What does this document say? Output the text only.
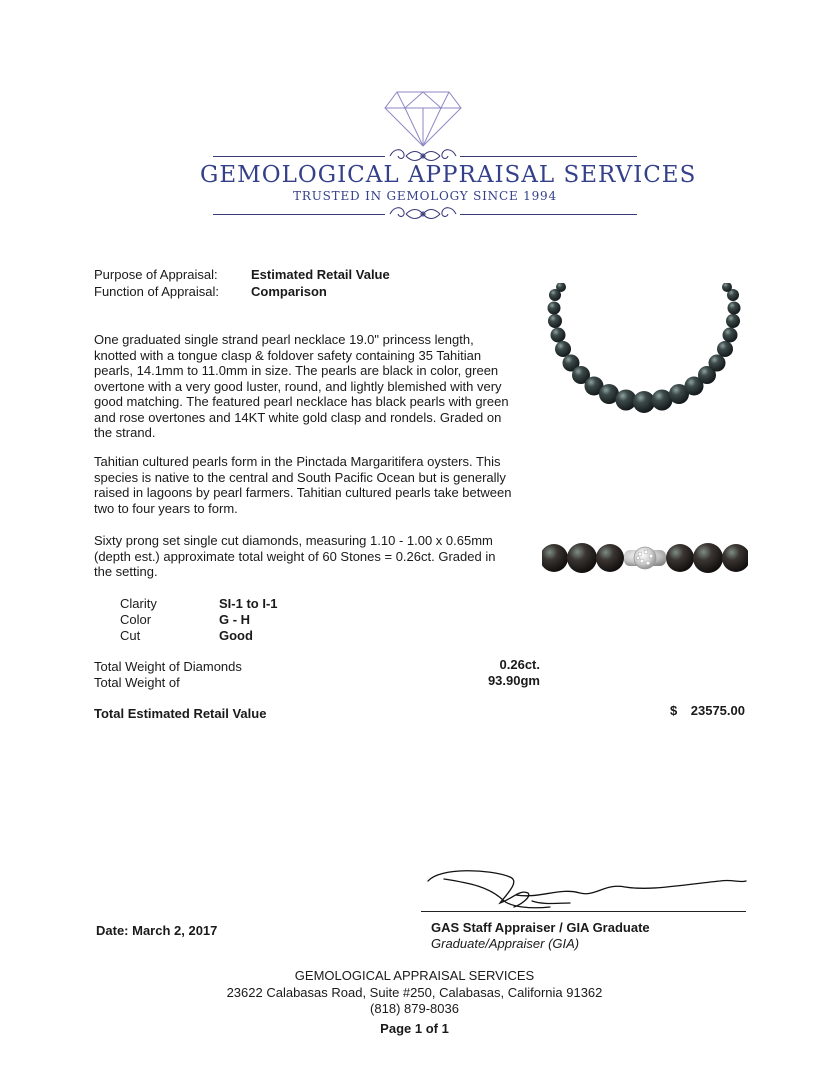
GEMOLOGICAL APPRAISAL SERVICES
TRUSTED IN GEMOLOGY SINCE 1994
Purpose of Appraisal:	Estimated Retail Value
Function of Appraisal: Comparison
One graduated single strand pearl necklace 19.0" princess length, knotted with a tongue clasp & foldover safety containing 35 Tahitian pearls, 14.1mm to 11.0mm in size. The pearls are black in color, green overtone with a very good luster, round, and lightly blemished with very good matching. The featured pearl necklace has black pearls with green and rose overtones and 14KT white gold clasp and rondels. Graded on the strand.
Tahitian cultured pearls form in the Pinctada Margaritifera oysters. This species is native to the central and South Pacific Ocean but is generally raised in lagoons by pearl farmers. Tahitian cultured pearls take between two to four years to form.
Sixty prong set single cut diamonds, measuring 1.10 - 1.00 x 0.65mm (depth est.) approximate total weight of 60 Stones = 0.26ct. Graded in the setting.
Clarity	SI-1 to I-1
Color	G - H
Cut	Good
Total Weight of Diamonds	0.26ct.
Total Weight of	93.90gm
Total Estimated Retail Value	$	23575.00
Date: March 2, 2017	GAS Staff Appraiser / GIA Graduate
Graduate/Appraiser (GIA)
GEMOLOGICAL APPRAISAL SERVICES
23622 Calabasas Road, Suite #250, Calabasas, California 91362
(818) 879-8036
Page 1 of 1
